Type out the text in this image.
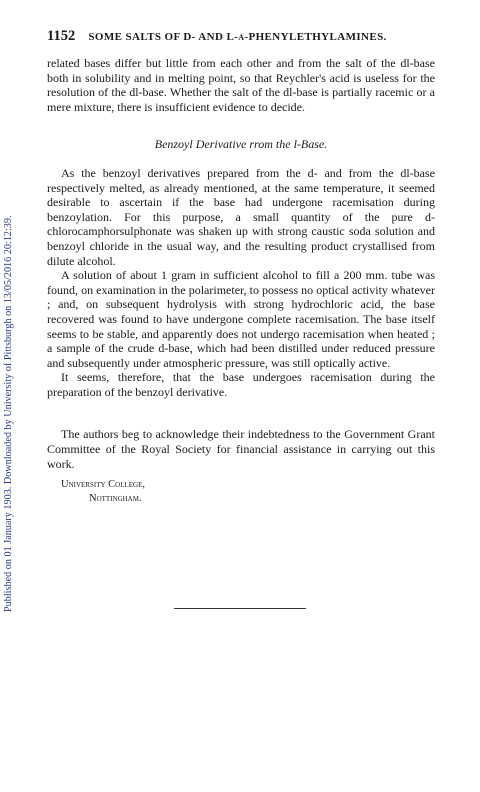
Published on 01 January 1903. Downloaded by University of Pittsburgh on 13/05/2016 20:12:39.
1152 SOME SALTS OF D- AND L-α-PHENYLETHYLAMINES.

related bases differ but little from each other and from the salt of the dl-base both in solubility and in melting point, so that Reychler's acid is useless for the resolution of the dl-base. Whether the salt of the dl-base is partially racemic or a mere mixture, there is insufficient evidence to decide.

Benzoyl Derivative rrom the l-Base.

As the benzoyl derivatives prepared from the d- and from the dl-base respectively melted, as already mentioned, at the same temperature, it seemed desirable to ascertain if the base had undergone racemisation during benzoylation. For this purpose, a small quantity of the pure d-chlorocamphorsulphonate was shaken up with strong caustic soda solution and benzoyl chloride in the usual way, and the resulting product crystallised from dilute alcohol.

A solution of about 1 gram in sufficient alcohol to fill a 200 mm. tube was found, on examination in the polarimeter, to possess no optical activity whatever ; and, on subsequent hydrolysis with strong hydrochloric acid, the base recovered was found to have undergone complete racemisation. The base itself seems to be stable, and apparently does not undergo racemisation when heated ; a sample of the crude d-base, which had been distilled under reduced pressure and subsequently under atmospheric pressure, was still optically active.

It seems, therefore, that the base undergoes racemisation during the preparation of the benzoyl derivative.

The authors beg to acknowledge their indebtedness to the Government Grant Committee of the Royal Society for financial assistance in carrying out this work.

University College,
Nottingham.
